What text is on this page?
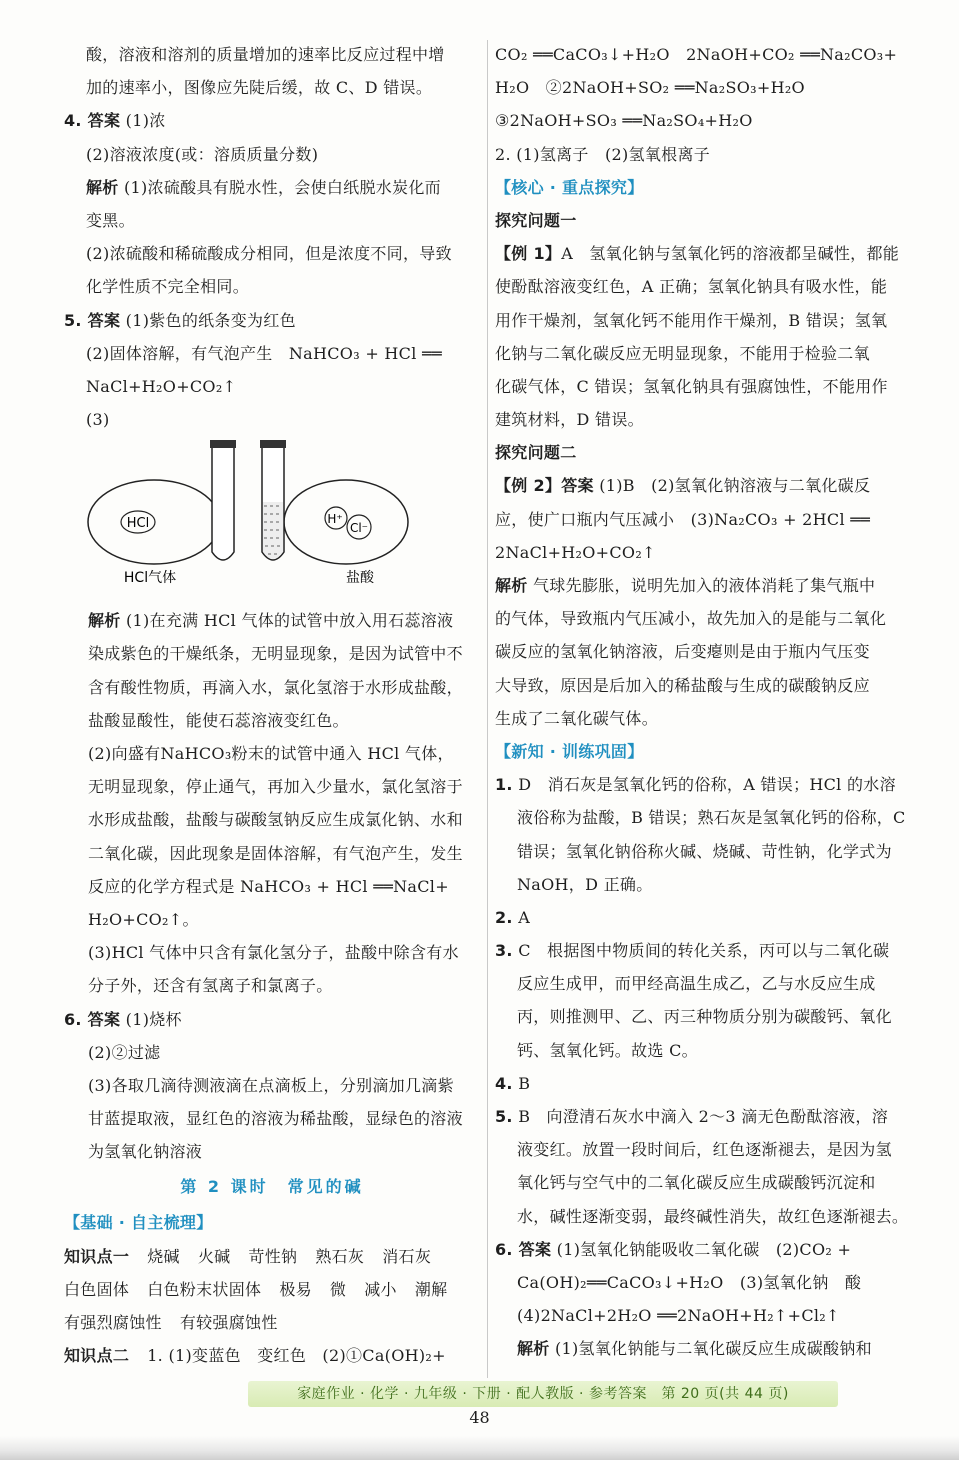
酸，溶液和溶剂的质量增加的速率比反应过程中增
加的速率小，图像应先陡后缓，故 C、D 错误。
4. 答案 (1)浓
(2)溶液浓度(或：溶质质量分数)
解析 (1)浓硫酸具有脱水性，会使白纸脱水炭化而
变黑。
(2)浓硫酸和稀硫酸成分相同，但是浓度不同，导致
化学性质不完全相同。
5. 答案 (1)紫色的纸条变为红色
(2)固体溶解，有气泡产生　NaHCO₃ + HCl ══
NaCl+H₂O+CO₂↑
(3)
HCl	H⁺
Cl⁻
HCl气体	盐酸
解析 (1)在充满 HCl 气体的试管中放入用石蕊溶液
染成紫色的干燥纸条，无明显现象，是因为试管中不
含有酸性物质，再滴入水，氯化氢溶于水形成盐酸，
盐酸显酸性，能使石蕊溶液变红色。
(2)向盛有NaHCO₃粉末的试管中通入 HCl 气体，
无明显现象，停止通气，再加入少量水，氯化氢溶于
水形成盐酸，盐酸与碳酸氢钠反应生成氯化钠、水和
二氧化碳，因此现象是固体溶解，有气泡产生，发生
反应的化学方程式是 NaHCO₃ + HCl ══NaCl+
H₂O+CO₂↑。
(3)HCl 气体中只含有氯化氢分子，盐酸中除含有水
分子外，还含有氢离子和氯离子。
6. 答案 (1)烧杯
(2)②过滤
(3)各取几滴待测液滴在点滴板上，分别滴加几滴紫
甘蓝提取液，显红色的溶液为稀盐酸，显绿色的溶液
为氢氧化钠溶液
第 2 课时　常见的碱
【基础 · 自主梳理】
知识点一 烧碱 火碱 苛性钠 熟石灰 消石灰
白色固体 白色粉末状固体 极易 微 减小 潮解
有强烈腐蚀性 有较强腐蚀性
知识点二 1. (1)变蓝色　变红色　(2)①Ca(OH)₂+
CO₂ ══CaCO₃↓+H₂O　2NaOH+CO₂ ══Na₂CO₃+
H₂O　②2NaOH+SO₂ ══Na₂SO₃+H₂O
③2NaOH+SO₃ ══Na₂SO₄+H₂O
2. (1)氢离子　(2)氢氧根离子
【核心 · 重点探究】
探究问题一
【例 1】A　氢氧化钠与氢氧化钙的溶液都呈碱性，都能
使酚酞溶液变红色，A 正确；氢氧化钠具有吸水性，能
用作干燥剂，氢氧化钙不能用作干燥剂，B 错误；氢氧
化钠与二氧化碳反应无明显现象，不能用于检验二氧
化碳气体，C 错误；氢氧化钠具有强腐蚀性，不能用作
建筑材料，D 错误。
探究问题二
【例 2】答案 (1)B　(2)氢氧化钠溶液与二氧化碳反
应，使广口瓶内气压减小　(3)Na₂CO₃ + 2HCl ══
2NaCl+H₂O+CO₂↑
解析 气球先膨胀，说明先加入的液体消耗了集气瓶中
的气体，导致瓶内气压减小，故先加入的是能与二氧化
碳反应的氢氧化钠溶液，后变瘪则是由于瓶内气压变
大导致，原因是后加入的稀盐酸与生成的碳酸钠反应
生成了二氧化碳气体。
【新知 · 训练巩固】
1. D　消石灰是氢氧化钙的俗称，A 错误；HCl 的水溶
液俗称为盐酸，B 错误；熟石灰是氢氧化钙的俗称，C
错误；氢氧化钠俗称火碱、烧碱、苛性钠，化学式为
NaOH，D 正确。
2. A
3. C　根据图中物质间的转化关系，丙可以与二氧化碳
反应生成甲，而甲经高温生成乙，乙与水反应生成
丙，则推测甲、乙、丙三种物质分别为碳酸钙、氧化
钙、氢氧化钙。故选 C。
4. B
5. B　向澄清石灰水中滴入 2～3 滴无色酚酞溶液，溶
液变红。放置一段时间后，红色逐渐褪去，是因为氢
氧化钙与空气中的二氧化碳反应生成碳酸钙沉淀和
水，碱性逐渐变弱，最终碱性消失，故红色逐渐褪去。
6. 答案 (1)氢氧化钠能吸收二氧化碳　(2)CO₂ +
Ca(OH)₂══CaCO₃↓+H₂O　(3)氢氧化钠　酸
(4)2NaCl+2H₂O ══2NaOH+H₂↑+Cl₂↑
解析 (1)氢氧化钠能与二氧化碳反应生成碳酸钠和
家庭作业 · 化学 · 九年级 · 下册 · 配人教版 · 参考答案　第 20 页(共 44 页)
48
